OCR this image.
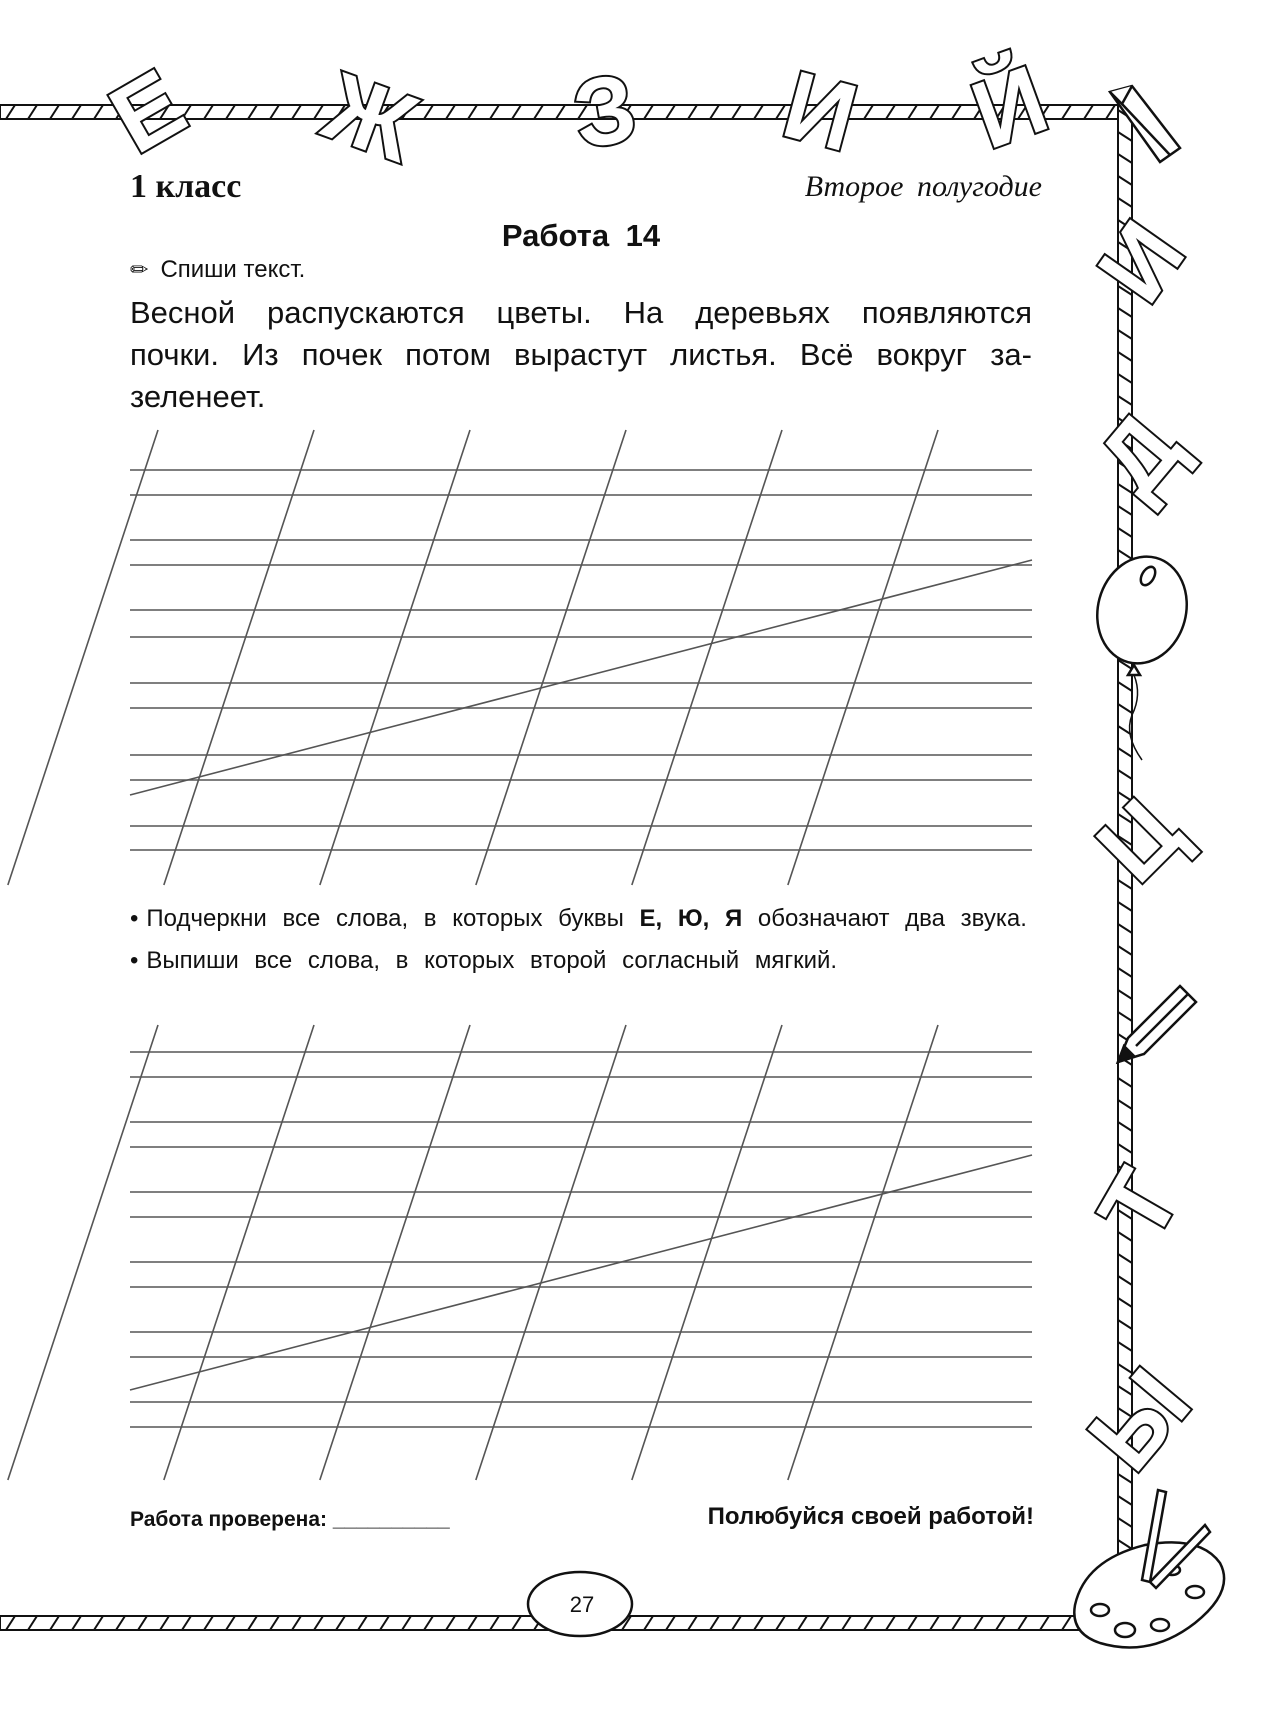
Е Ж З И Й
И
Д
Ц
Т
Ы
1 класс	Второе полугодие
Работа 14
✏ Спиши текст.
Весной распускаются цветы. На деревьях появляются почки. Из почек потом вырастут листья. Всё вокруг за-зеленеет.
• Подчеркни все слова, в которых буквы Е, Ю, Я обозначают два звука.
• Выпиши все слова, в которых второй согласный мягкий.
Работа проверена: __________	Полюбуйся своей работой!
27
